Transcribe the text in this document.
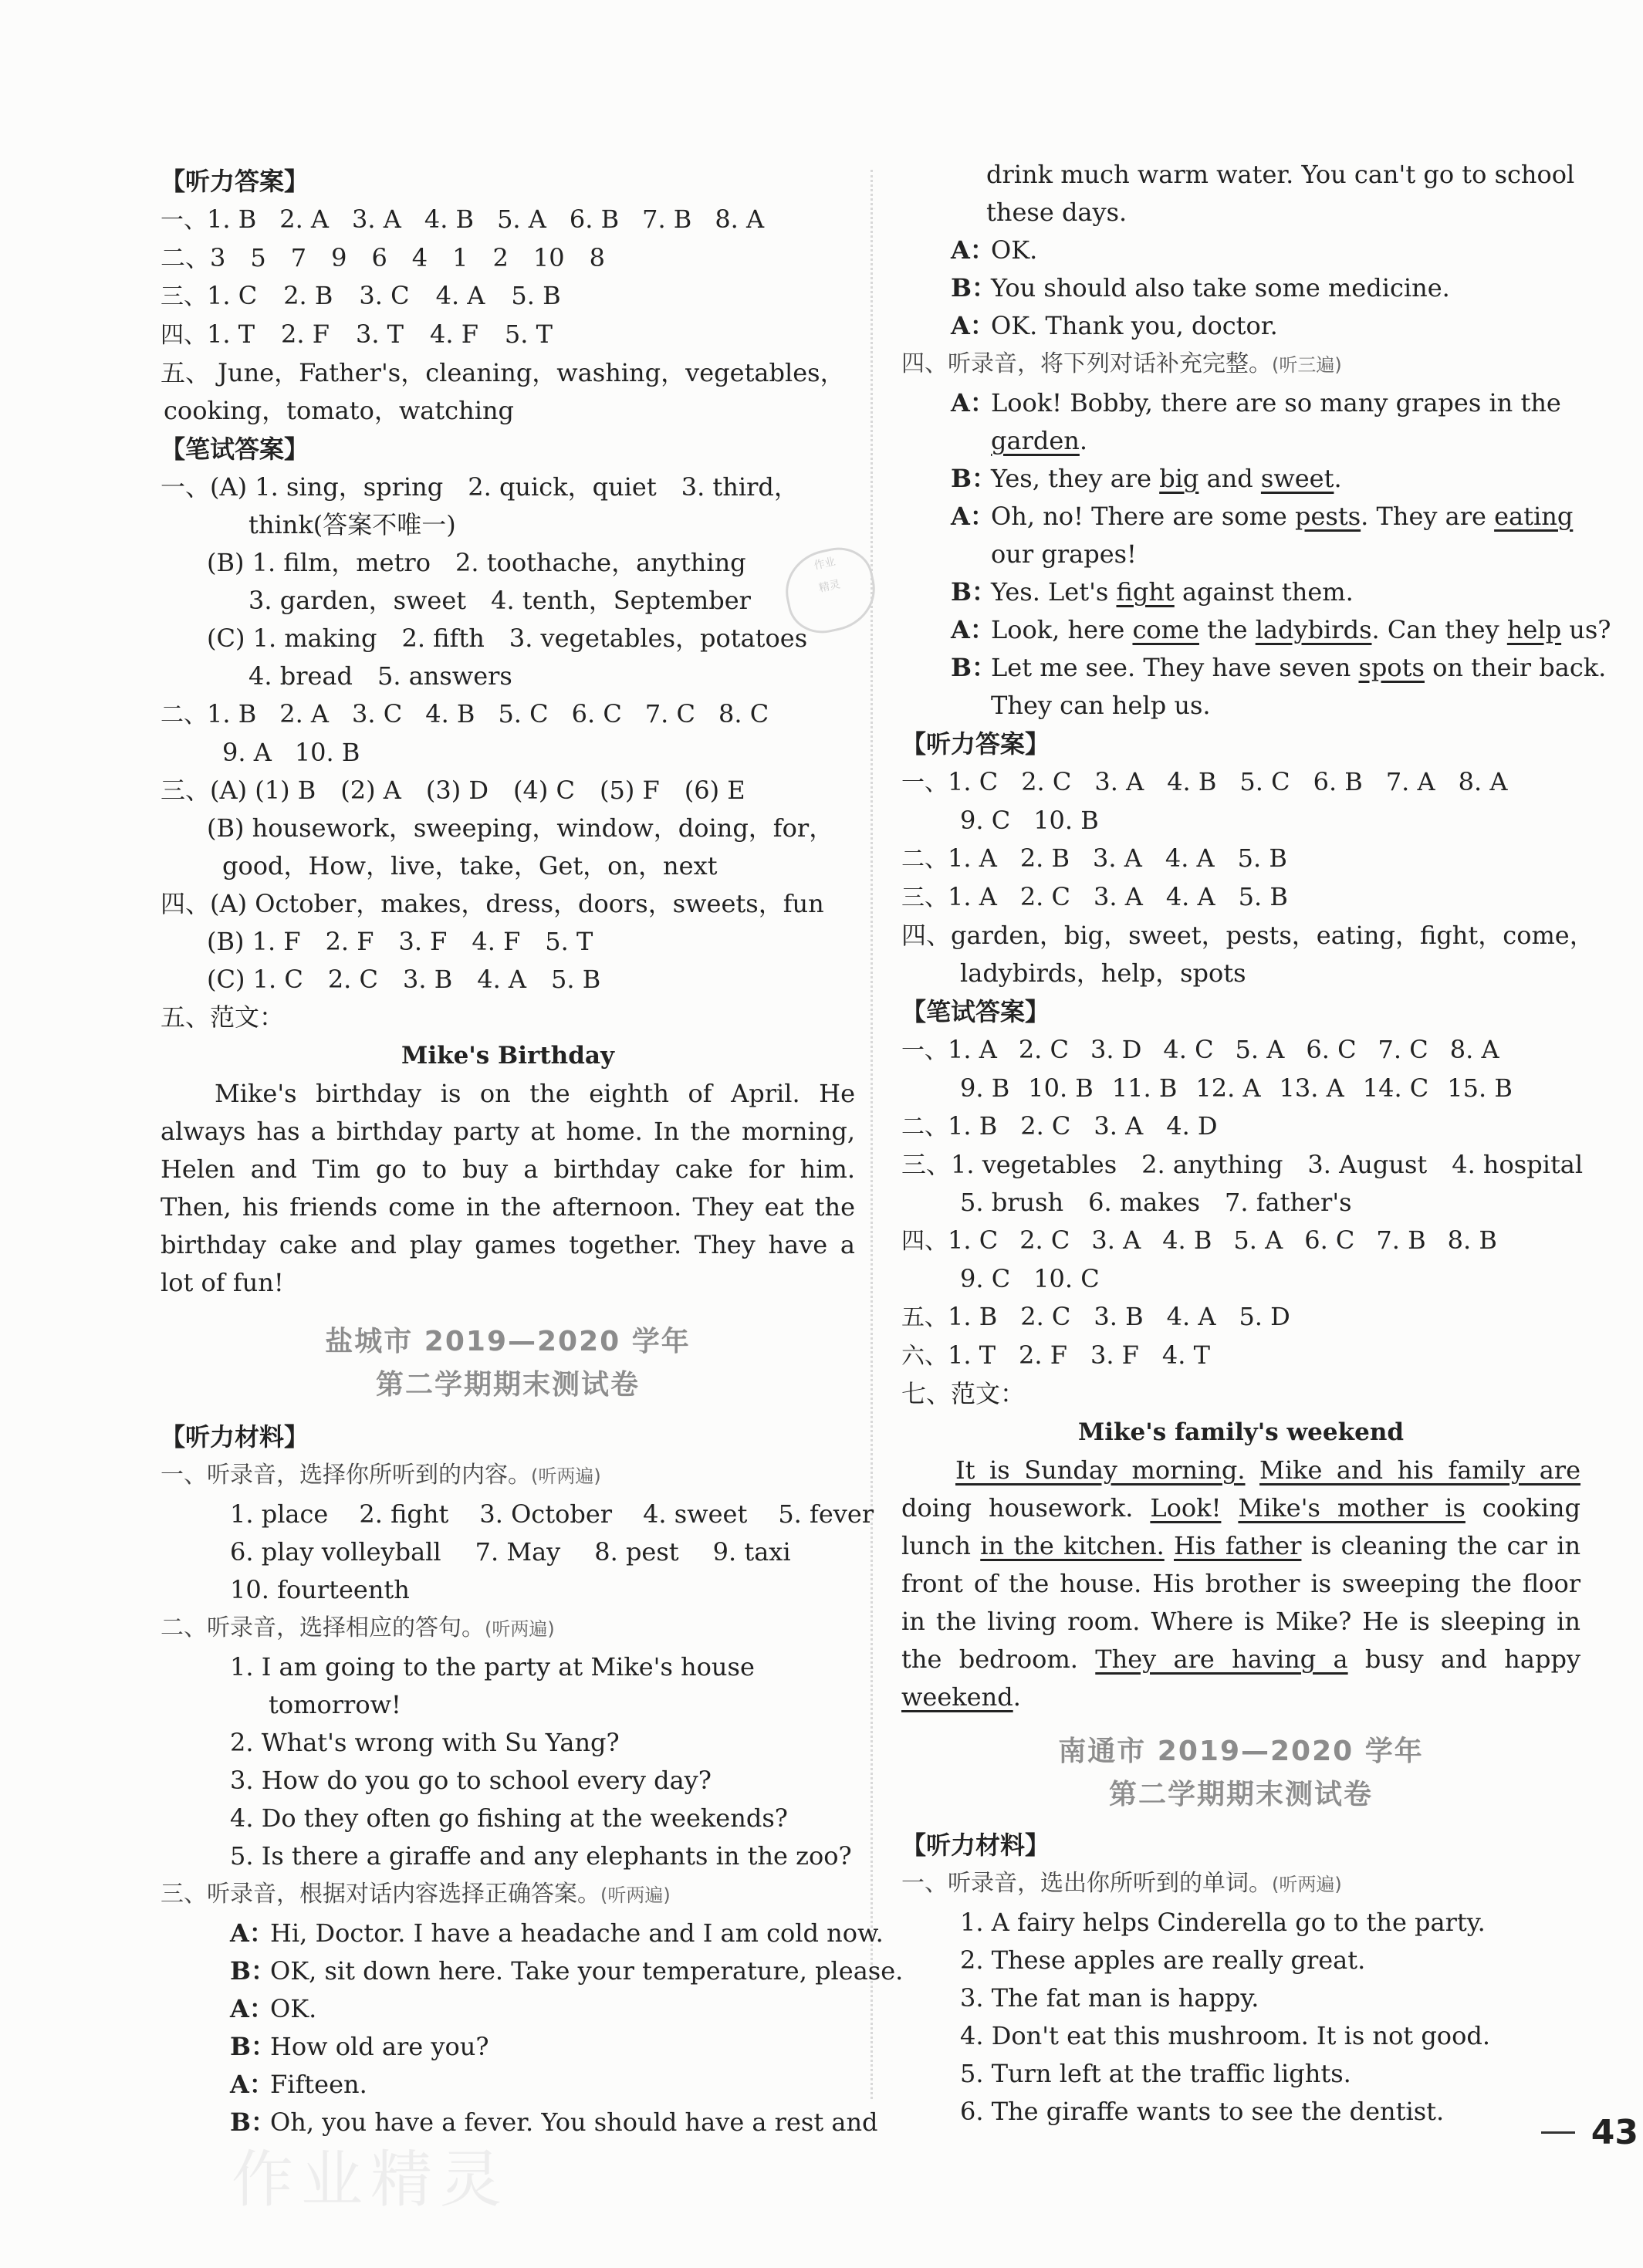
【听力答案】
一、1. B 2. A 3. A 4. B 5. A 6. B 7. B 8. A
二、3　5　7　9　6　4　1　2　10　8
三、1. C 2. B 3. C 4. A 5. B
四、1. T 2. F 3. T 4. F 5. T
五、 June，Father's，cleaning，washing，vegetables，
cooking，tomato，watching
【笔试答案】
一、(A) 1. sing，spring　2. quick，quiet　3. third，
think(答案不唯一)
(B) 1. film，metro　2. toothache，anything
3. garden，sweet　4. tenth，September
(C) 1. making　2. fifth　3. vegetables，potatoes
4. bread　5. answers
二、1. B 2. A 3. C 4. B 5. C 6. C 7. C 8. C
9. A 10. B
三、(A) (1) B　(2) A　(3) D　(4) C　(5) F　(6) E
(B) housework，sweeping，window，doing，for，
good，How，live，take，Get，on，next
四、(A) October，makes，dress，doors，sweets，fun
(B) 1. F　2. F　3. F　4. F　5. T
(C) 1. C　2. C　3. B　4. A　5. B
五、范文：
Mike's Birthday
Mike's birthday is on the eighth of April. He always has a birthday party at home. In the morning, Helen and Tim go to buy a birthday cake for him. Then, his friends come in the afternoon. They eat the birthday cake and play games together. They have a lot of fun!
盐城市 2019—2020 学年
第二学期期末测试卷
【听力材料】
一、听录音，选择你所听到的内容。(听两遍)
1. place 2. fight 3. October 4. sweet 5. fever
6. play volleyball 7. May 8. pest 9. taxi
10. fourteenth
二、听录音，选择相应的答句。(听两遍)
1. I am going to the party at Mike's house
tomorrow!
2. What's wrong with Su Yang?
3. How do you go to school every day?
4. Do they often go fishing at the weekends?
5. Is there a giraffe and any elephants in the zoo?
三、听录音，根据对话内容选择正确答案。(听两遍)
A：Hi, Doctor. I have a headache and I am cold now.
B：OK, sit down here. Take your temperature, please.
A：OK.
B：How old are you?
A：Fifteen.
B：Oh, you have a fever. You should have a rest and
drink much warm water. You can't go to school
these days.
A：OK.
B：You should also take some medicine.
A：OK. Thank you, doctor.
四、听录音，将下列对话补充完整。(听三遍)
A：Look! Bobby, there are so many grapes in the
garden.
B：Yes, they are big and sweet.
A：Oh, no! There are some pests. They are eating
our grapes!
B：Yes. Let's fight against them.
A：Look, here come the ladybirds. Can they help us?
B：Let me see. They have seven spots on their back.
They can help us.
【听力答案】
一、1. C 2. C 3. A 4. B 5. C 6. B 7. A 8. A
9. C 10. B
二、1. A 2. B 3. A 4. A 5. B
三、1. A 2. C 3. A 4. A 5. B
四、garden，big，sweet，pests，eating，fight，come，
ladybirds，help，spots
【笔试答案】
一、1. A 2. C 3. D 4. C 5. A 6. C 7. C 8. A
9. B 10. B 11. B 12. A 13. A 14. C 15. B
二、1. B 2. C 3. A 4. D
三、1. vegetables　2. anything　3. August　4. hospital
5. brush　6. makes　7. father's
四、1. C 2. C 3. A 4. B 5. A 6. C 7. B 8. B
9. C 10. C
五、1. B 2. C 3. B 4. A 5. D
六、1. T 2. F 3. F 4. T
七、范文：
Mike's family's weekend
It is Sunday morning. Mike and his family are doing housework. Look! Mike's mother is cooking lunch in the kitchen. His father is cleaning the car in front of the house. His brother is sweeping the floor in the living room. Where is Mike? He is sleeping in the bedroom. They are having a busy and happy weekend.
南通市 2019—2020 学年
第二学期期末测试卷
【听力材料】
一、听录音，选出你所听到的单词。(听两遍)
1. A fairy helps Cinderella go to the party.
2. These apples are really great.
3. The fat man is happy.
4. Don't eat this mushroom. It is not good.
5. Turn left at the traffic lights.
6. The giraffe wants to see the dentist.
作业
精灵
作业精灵
43
